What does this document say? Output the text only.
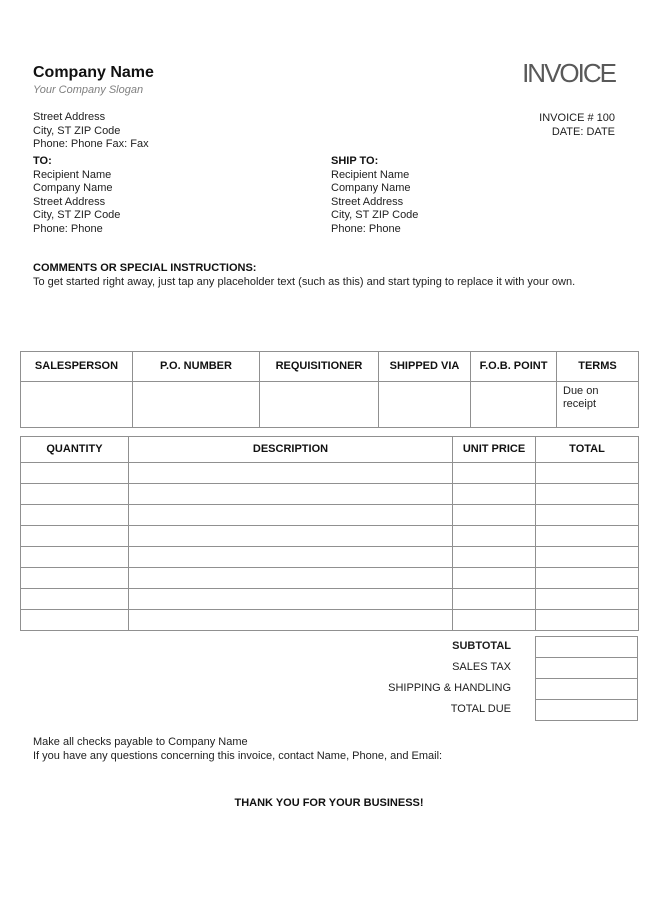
Company Name
Your Company Slogan
Street Address
City, ST ZIP Code
Phone: Phone Fax: Fax
INVOICE
INVOICE # 100
DATE: DATE
TO:
Recipient Name
Company Name
Street Address
City, ST ZIP Code
Phone: Phone
SHIP TO:
Recipient Name
Company Name
Street Address
City, ST ZIP Code
Phone: Phone
COMMENTS OR SPECIAL INSTRUCTIONS:
To get started right away, just tap any placeholder text (such as this) and start typing to replace it with your own.
SALESPERSON	P.O. NUMBER	REQUISITIONER	SHIPPED VIA	F.O.B. POINT	TERMS
					Due on receipt
QUANTITY	DESCRIPTION	UNIT PRICE	TOTAL

SUBTOTAL
SALES TAX
SHIPPING & HANDLING
TOTAL DUE
Make all checks payable to Company Name
If you have any questions concerning this invoice, contact Name, Phone, and Email:
THANK YOU FOR YOUR BUSINESS!
